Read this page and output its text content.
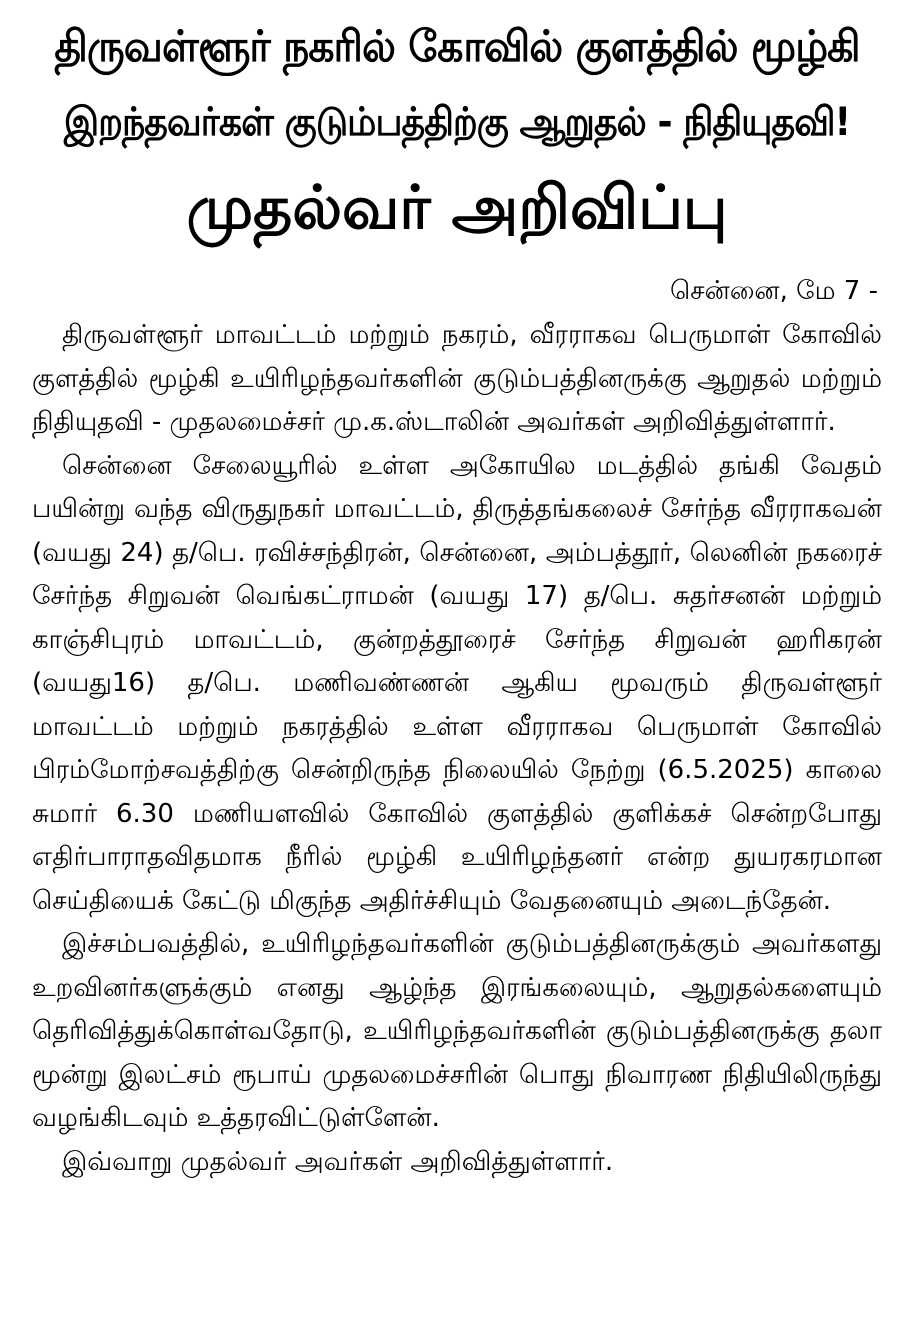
திருவள்ளூர் நகரில் கோவில் குளத்தில் மூழ்கி
இறந்தவர்கள் குடும்பத்திற்கு ஆறுதல் - நிதியுதவி!
முதல்வர் அறிவிப்பு
சென்னை, மே 7 -

திருவள்ளூர் மாவட்டம் மற்றும் நகரம், வீரராகவ பெருமாள் கோவில் குளத்தில் மூழ்கி உயிரிழந்தவர்களின் குடும்பத்தினருக்கு ஆறுதல் மற்றும் நிதியுதவி - முதலமைச்சர் மு.க.ஸ்டாலின் அவர்கள் அறிவித்துள்ளார்.

சென்னை சேலையூரில் உள்ள அகோயில மடத்தில் தங்கி வேதம் பயின்று வந்த விருதுநகர் மாவட்டம், திருத்தங்கலைச் சேர்ந்த வீரராகவன் (வயது 24) த/பெ. ரவிச்சந்திரன், சென்னை, அம்பத்தூர், லெனின் நகரைச் சேர்ந்த சிறுவன் வெங்கட்ராமன் (வயது 17) த/பெ. சுதர்சனன் மற்றும் காஞ்சிபுரம் மாவட்டம், குன்றத்தூரைச் சேர்ந்த சிறுவன் ஹரிகரன் (வயது16) த/பெ. மணிவண்ணன் ஆகிய மூவரும் திருவள்ளூர் மாவட்டம் மற்றும் நகரத்தில் உள்ள வீரராகவ பெருமாள் கோவில் பிரம்மோற்சவத்திற்கு சென்றிருந்த நிலையில் நேற்று (6.5.2025) காலை சுமார் 6.30 மணியளவில் கோவில் குளத்தில் குளிக்கச் சென்றபோது எதிர்பாராதவிதமாக நீரில் மூழ்கி உயிரிழந்தனர் என்ற துயரகரமான செய்தியைக் கேட்டு மிகுந்த அதிர்ச்சியும் வேதனையும் அடைந்தேன்.

இச்சம்பவத்தில், உயிரிழந்தவர்களின் குடும்பத்தினருக்கும் அவர்களது உறவினர்களுக்கும் எனது ஆழ்ந்த இரங்கலையும், ஆறுதல்களையும் தெரிவித்துக்கொள்வதோடு, உயிரிழந்தவர்களின் குடும்பத்தினருக்கு தலா மூன்று இலட்சம் ரூபாய் முதலமைச்சரின் பொது நிவாரண நிதியிலிருந்து வழங்கிடவும் உத்தரவிட்டுள்ளேன்.

இவ்வாறு முதல்வர் அவர்கள் அறிவித்துள்ளார்.
